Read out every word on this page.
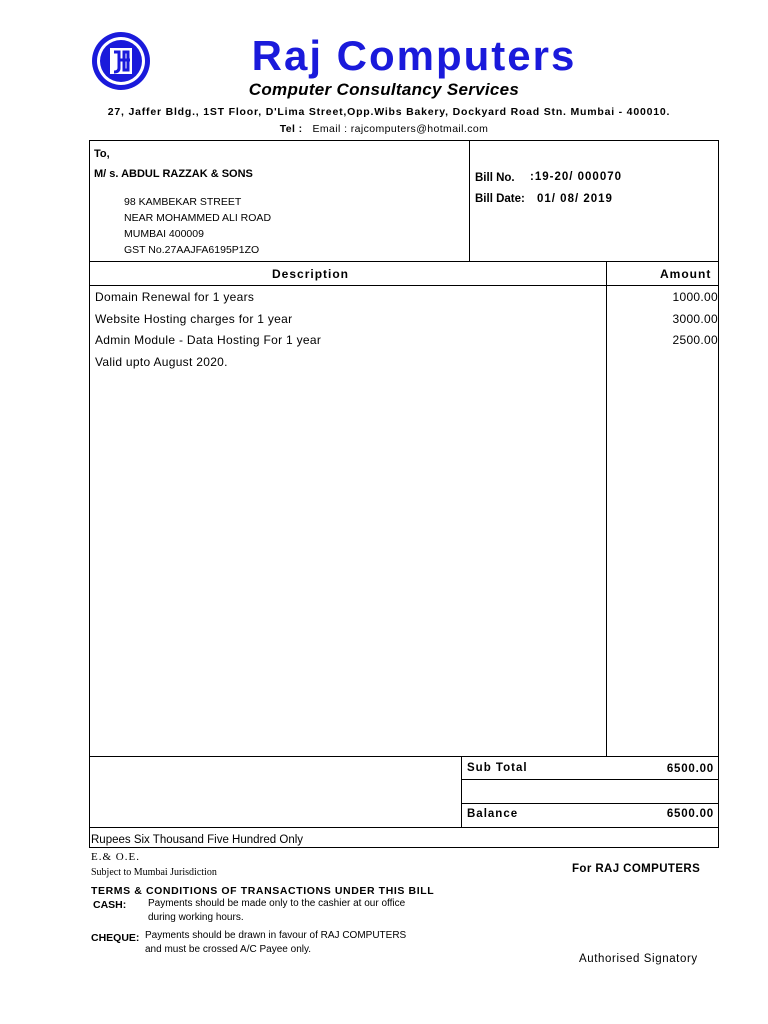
Raj Computers
Computer Consultancy Services
27, Jaffer Bldg., 1ST Floor, D'Lima Street,Opp.Wibs Bakery, Dockyard Road Stn. Mumbai - 400010.
Tel : Email : rajcomputers@hotmail.com
To,
M/ s. ABDUL RAZZAK & SONS
98 KAMBEKAR STREET
NEAR MOHAMMED ALI ROAD
MUMBAI 400009
GST No.27AAJFA6195P1ZO
Bill No. :19-20/ 000070
Bill Date: 01/ 08/ 2019
Description	Amount
Domain Renewal for 1 years	1000.00
Website Hosting charges for 1 year	3000.00
Admin Module - Data Hosting For 1 year	2500.00
Valid upto August 2020.
Sub Total	6500.00
Balance	6500.00
Rupees Six Thousand Five Hundred Only
E.& O.E.
Subject to Mumbai Jurisdiction	For RAJ COMPUTERS
TERMS & CONDITIONS OF TRANSACTIONS UNDER THIS BILL
CASH: Payments should be made only to the cashier at our office
during working hours.
CHEQUE: Payments should be drawn in favour of RAJ COMPUTERS
and must be crossed A/C Payee only.
Authorised Signatory
